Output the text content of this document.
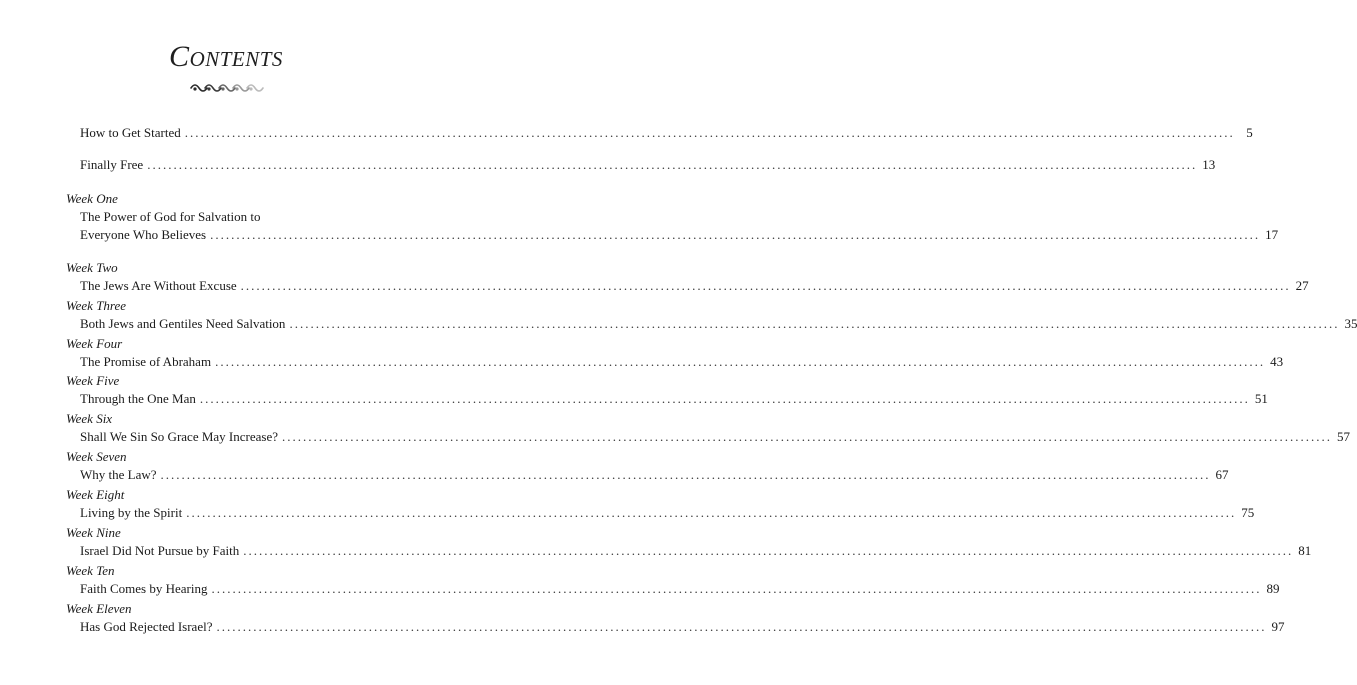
CONTENTS
How to Get Started ........................................................................................................................................................................................................ 5
Finally Free ........................................................................................................................................................................................................ 13
Week One
The Power of God for Salvation to
Everyone Who Believes ........................................................................................................................................................................................................ 17
Week Two
The Jews Are Without Excuse ........................................................................................................................................................................................................ 27
Week Three
Both Jews and Gentiles Need Salvation ........................................................................................................................................................................................................ 35
Week Four
The Promise of Abraham ........................................................................................................................................................................................................ 43
Week Five
Through the One Man ........................................................................................................................................................................................................ 51
Week Six
Shall We Sin So Grace May Increase? ........................................................................................................................................................................................................ 57
Week Seven
Why the Law? ........................................................................................................................................................................................................ 67
Week Eight
Living by the Spirit ........................................................................................................................................................................................................ 75
Week Nine
Israel Did Not Pursue by Faith ........................................................................................................................................................................................................ 81
Week Ten
Faith Comes by Hearing ........................................................................................................................................................................................................ 89
Week Eleven
Has God Rejected Israel? ........................................................................................................................................................................................................ 97
